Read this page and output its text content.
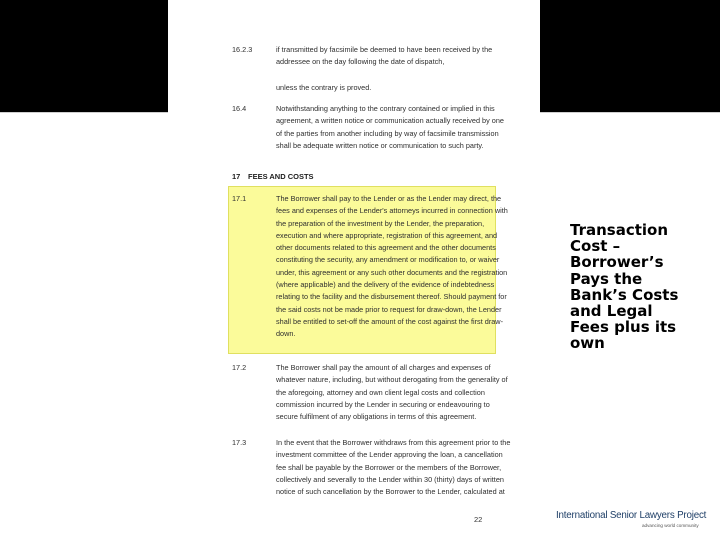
16.2.3	if transmitted by facsimile be deemed to have been received by the
addressee on the day following the date of dispatch,
unless the contrary is proved.
16.4	Notwithstanding anything to the contrary contained or implied in this
agreement, a written notice or communication actually received by one
of the parties from another including by way of facsimile transmission
shall be adequate written notice or communication to such party.
17 FEES AND COSTS
17.1	The Borrower shall pay to the Lender or as the Lender may direct, the
fees and expenses of the Lender's attorneys incurred in connection with
the preparation of the investment by the Lender, the preparation,
execution and where appropriate, registration of this agreement, and
other documents related to this agreement and the other documents
constituting the security, any amendment or modification to, or waiver
under, this agreement or any such other documents and the registration
(where applicable) and the delivery of the evidence of indebtedness
relating to the facility and the disbursement thereof. Should payment for
the said costs not be made prior to request for draw-down, the Lender
shall be entitled to set-off the amount of the cost against the first draw-
down.
17.2	The Borrower shall pay the amount of all charges and expenses of
whatever nature, including, but without derogating from the generality of
the aforegoing, attorney and own client legal costs and collection
commission incurred by the Lender in securing or endeavouring to
secure fulfilment of any obligations in terms of this agreement.
17.3	In the event that the Borrower withdraws from this agreement prior to the
investment committee of the Lender approving the loan, a cancellation
fee shall be payable by the Borrower or the members of the Borrower,
collectively and severally to the Lender within 30 (thirty) days of written
notice of such cancellation by the Borrower to the Lender, calculated at
22
Transaction
Cost –
Borrower’s
Pays the
Bank’s Costs
and Legal
Fees plus its
own
International Senior Lawyers Project
advancing world community
